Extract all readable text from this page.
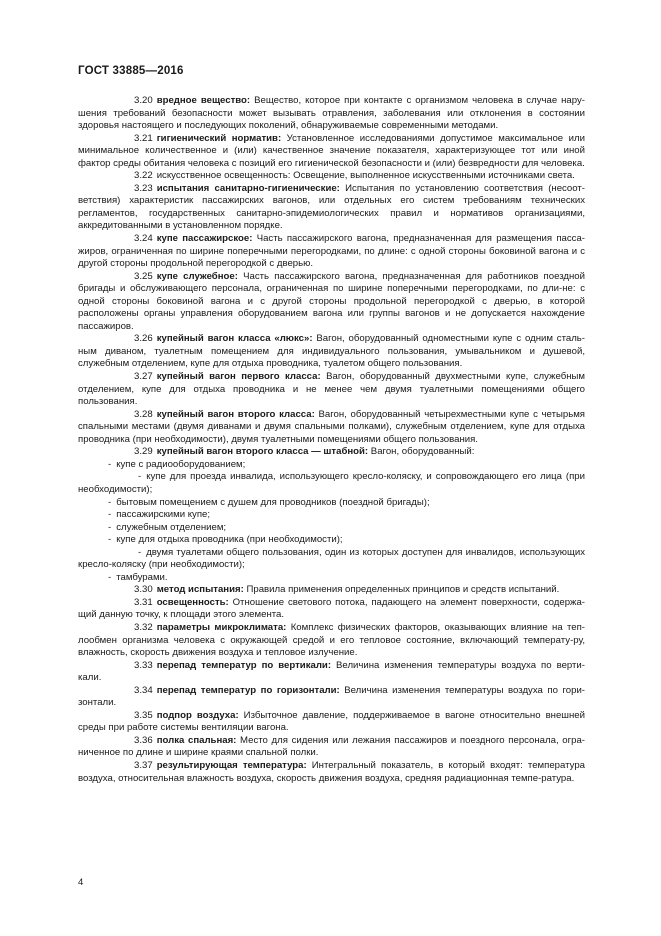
ГОСТ 33885—2016

3.20 вредное вещество: Вещество, которое при контакте с организмом человека в случае нару-шения требований безопасности может вызывать отравления, заболевания или отклонения в состоянии здоровья настоящего и последующих поколений, обнаруживаемые современными методами.

3.21 гигиенический норматив: Установленное исследованиями допустимое максимальное или минимальное количественное и (или) качественное значение показателя, характеризующее тот или иной фактор среды обитания человека с позиций его гигиенической безопасности и (или) безвредности для человека.

3.22 искусственное освещенность: Освещение, выполненное искусственными источниками света.

3.23 испытания санитарно-гигиенические: Испытания по установлению соответствия (несоот-ветствия) характеристик пассажирских вагонов, или отдельных его систем требованиям технических регламентов, государственных санитарно-эпидемиологических правил и нормативов организациями, аккредитованными в установленном порядке.

3.24 купе пассажирское: Часть пассажирского вагона, предназначенная для размещения пасса-жиров, ограниченная по ширине поперечными перегородками, по длине: с одной стороны боковиной вагона и с другой стороны продольной перегородкой с дверью.

3.25 купе служебное: Часть пассажирского вагона, предназначенная для работников поездной бригады и обслуживающего персонала, ограниченная по ширине поперечными перегородками, по дли-не: с одной стороны боковиной вагона и с другой стороны продольной перегородкой с дверью, в которой расположены органы управления оборудованием вагона или группы вагонов и не допускается нахождение пассажиров.

3.26 купейный вагон класса «люкс»: Вагон, оборудованный одноместными купе с одним сталь-ным диваном, туалетным помещением для индивидуального пользования, умывальником и душевой, служебным отделением, купе для отдыха проводника, туалетом общего пользования.

3.27 купейный вагон первого класса: Вагон, оборудованный двухместными купе, служебным отделением, купе для отдыха проводника и не менее чем двумя туалетными помещениями общего пользования.

3.28 купейный вагон второго класса: Вагон, оборудованный четырехместными купе с четырьмя спальными местами (двумя диванами и двумя спальными полками), служебным отделением, купе для отдыха проводника (при необходимости), двумя туалетными помещениями общего пользования.

3.29 купейный вагон второго класса — штабной: Вагон, оборудованный:

- купе с радиооборудованием;

- купе для проезда инвалида, использующего кресло-коляску, и сопровождающего его лица (при необходимости);

- бытовым помещением с душем для проводников (поездной бригады);

- пассажирскими купе;

- служебным отделением;

- купе для отдыха проводника (при необходимости);

- двумя туалетами общего пользования, один из которых доступен для инвалидов, использующих кресло-коляску (при необходимости);

- тамбурами.

3.30 метод испытания: Правила применения определенных принципов и средств испытаний.

3.31 освещенность: Отношение светового потока, падающего на элемент поверхности, содержа-щий данную точку, к площади этого элемента.

3.32 параметры микроклимата: Комплекс физических факторов, оказывающих влияние на теп-лообмен организма человека с окружающей средой и его тепловое состояние, включающий температу-ру, влажность, скорость движения воздуха и тепловое излучение.

3.33 перепад температур по вертикали: Величина изменения температуры воздуха по верти-кали.

3.34 перепад температур по горизонтали: Величина изменения температуры воздуха по гори-зонтали.

3.35 подпор воздуха: Избыточное давление, поддерживаемое в вагоне относительно внешней среды при работе системы вентиляции вагона.

3.36 полка спальная: Место для сидения или лежания пассажиров и поездного персонала, огра-ниченное по длине и ширине краями спальной полки.

3.37 результирующая температура: Интегральный показатель, в который входят: температура воздуха, относительная влажность воздуха, скорость движения воздуха, средняя радиационная темпе-ратура.

4
